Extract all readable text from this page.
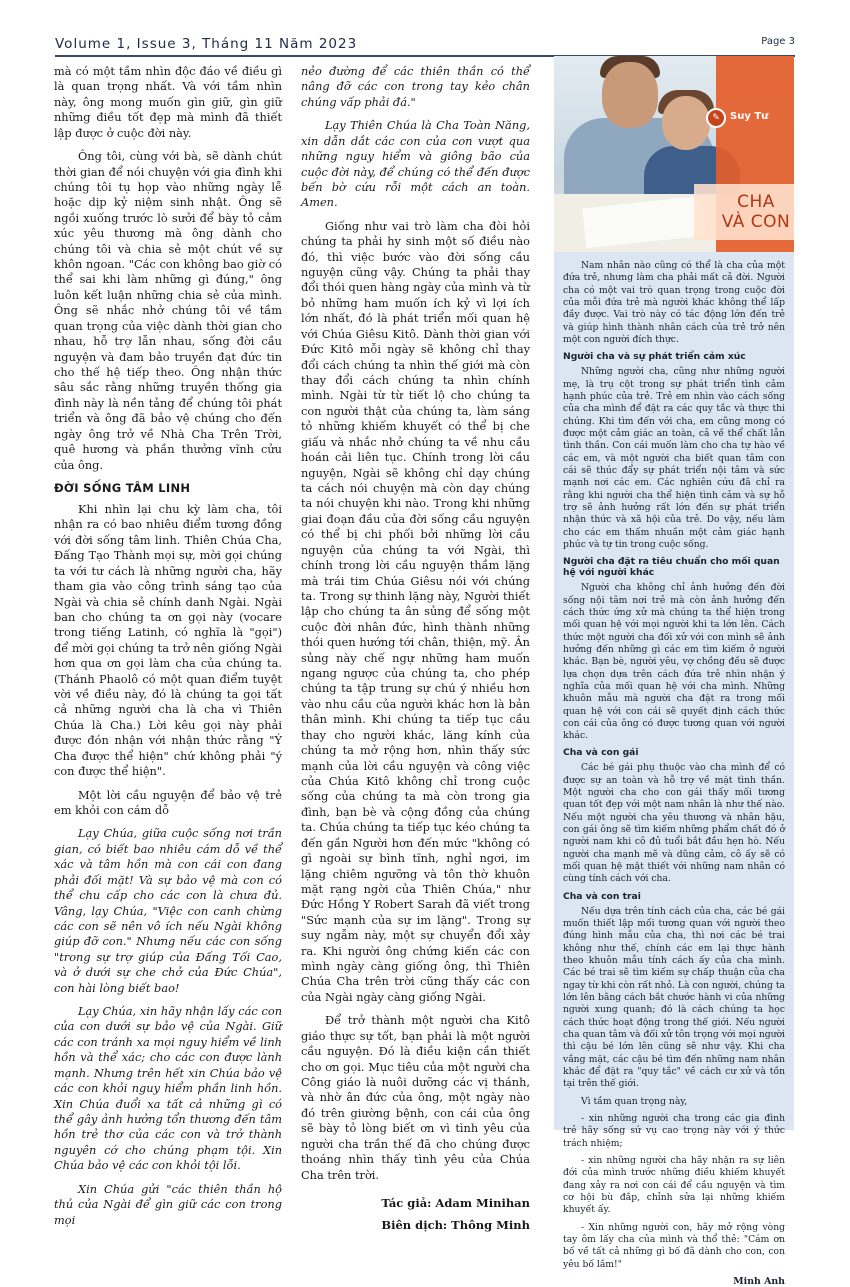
Volume 1, Issue 3, Tháng 11 Năm 2023	Page 3

mà có một tầm nhìn độc đáo về điều gì là quan trọng nhất. Và với tầm nhìn này, ông mong muốn gìn giữ, gìn giữ những điều tốt đẹp mà mình đã thiết lập được ở cuộc đời này.

Ông tôi, cùng với bà, sẽ dành chút thời gian để nói chuyện với gia đình khi chúng tôi tụ họp vào những ngày lễ hoặc dịp kỷ niệm sinh nhật. Ông sẽ ngồi xuống trước lò sưởi để bày tỏ cảm xúc yêu thương mà ông dành cho chúng tôi và chia sẻ một chút về sự khôn ngoan. "Các con không bao giờ có thể sai khi làm những gì đúng," ông luôn kết luận những chia sẻ của mình. Ông sẽ nhắc nhở chúng tôi về tầm quan trọng của việc dành thời gian cho nhau, hỗ trợ lẫn nhau, sống đời cầu nguyện và đam bảo truyền đạt đức tin cho thế hệ tiếp theo. Ông nhận thức sâu sắc rằng những truyền thống gia đình này là nền tảng để chúng tôi phát triển và ông đã bảo vệ chúng cho đến ngày ông trở về Nhà Cha Trên Trời, quê hương và phần thưởng vĩnh cửu của ông.

ĐỜI SỐNG TÂM LINH

Khi nhìn lại chu kỳ làm cha, tôi nhận ra có bao nhiêu điểm tương đồng với đời sống tâm linh. Thiên Chúa Cha, Đấng Tạo Thành mọi sự, mời gọi chúng ta với tư cách là những người cha, hãy tham gia vào công trình sáng tạo của Ngài và chia sẻ chính danh Ngài. Ngài ban cho chúng ta ơn gọi này (vocare trong tiếng Latinh, có nghĩa là "gọi") để mời gọi chúng ta trở nên giống Ngài hơn qua ơn gọi làm cha của chúng ta. (Thánh Phaolô có một quan điểm tuyệt vời về điều này, đó là chúng ta gọi tất cả những người cha là cha vì Thiên Chúa là Cha.) Lời kêu gọi này phải được đón nhận với nhận thức rằng "Ý Cha được thể hiện" chứ không phải "ý con được thể hiện".

Một lời cầu nguyện để bảo vệ trẻ em khỏi con cám dỗ

Lạy Chúa, giữa cuộc sống nơi trần gian, có biết bao nhiêu cám dỗ về thể xác và tâm hồn mà con cái con đang phải đối mặt! Và sự bảo vệ mà con có thể chu cấp cho các con là chưa đủ. Vâng, lạy Chúa, "Việc con canh chừng các con sẽ nên vô ích nếu Ngài không giúp đỡ con." Nhưng nếu các con sống "trong sự trợ giúp của Đấng Tối Cao, và ở dưới sự che chở của Đức Chúa", con hài lòng biết bao!

Lạy Chúa, xin hãy nhận lấy các con của con dưới sự bảo vệ của Ngài. Giữ các con tránh xa mọi nguy hiểm về linh hồn và thể xác; cho các con được lành mạnh. Nhưng trên hết xin Chúa bảo vệ các con khỏi nguy hiểm phần linh hồn. Xin Chúa đuổi xa tất cả những gì có thể gây ảnh hưởng tổn thương đến tâm hồn trẻ thơ của các con và trở thành nguyên cớ cho chúng phạm tội. Xin Chúa bảo vệ các con khỏi tội lỗi.

Xin Chúa gửi "các thiên thần hộ thủ của Ngài để gìn giữ các con trong mọi

nẻo đường để các thiên thần có thể nâng đỡ các con trong tay kẻo chân chúng vấp phải đá."

Lạy Thiên Chúa là Cha Toàn Năng, xin dẫn dắt các con của con vượt qua những nguy hiểm và giông bão của cuộc đời này, để chúng có thể đến được bến bờ cứu rỗi một cách an toàn. Amen.

Giống như vai trò làm cha đòi hỏi chúng ta phải hy sinh một số điều nào đó, thì việc bước vào đời sống cầu nguyện cũng vậy. Chúng ta phải thay đổi thói quen hàng ngày của mình và từ bỏ những ham muốn ích kỷ vì lợi ích lớn nhất, đó là phát triển mối quan hệ với Chúa Giêsu Kitô. Dành thời gian với Đức Kitô mỗi ngày sẽ không chỉ thay đổi cách chúng ta nhìn thế giới mà còn thay đổi cách chúng ta nhìn chính mình. Ngài từ từ tiết lộ cho chúng ta con người thật của chúng ta, làm sáng tỏ những khiếm khuyết có thể bị che giấu và nhắc nhở chúng ta về nhu cầu hoán cải liên tục. Chính trong lời cầu nguyện, Ngài sẽ không chỉ dạy chúng ta cách nói chuyện mà còn dạy chúng ta nói chuyện khi nào. Trong khi những giai đoạn đầu của đời sống cầu nguyện có thể bị chi phối bởi những lời cầu nguyện của chúng ta với Ngài, thì chính trong lời cầu nguyện thầm lặng mà trái tim Chúa Giêsu nói với chúng ta. Trong sự thinh lặng này, Người thiết lập cho chúng ta ân sủng để sống một cuộc đời nhân đức, hình thành những thói quen hướng tới chân, thiện, mỹ. Ân sủng này chế ngự những ham muốn ngang ngược của chúng ta, cho phép chúng ta tập trung sự chú ý nhiều hơn vào nhu cầu của người khác hơn là bản thân mình. Khi chúng ta tiếp tục cầu thay cho người khác, lăng kính của chúng ta mở rộng hơn, nhìn thấy sức mạnh của lời cầu nguyện và công việc của Chúa Kitô không chỉ trong cuộc sống của chúng ta mà còn trong gia đình, bạn bè và cộng đồng của chúng ta. Chúa chúng ta tiếp tục kéo chúng ta đến gần Người hơn đến mức "không có gì ngoài sự bình tĩnh, nghỉ ngơi, im lặng chiêm ngưỡng và tôn thờ khuôn mặt rạng ngời của Thiên Chúa," như Đức Hồng Y Robert Sarah đã viết trong "Sức mạnh của sự im lặng". Trong sự suy ngẫm này, một sự chuyển đổi xảy ra. Khi người ông chứng kiến các con mình ngày càng giống ông, thì Thiên Chúa Cha trên trời cũng thấy các con của Ngài ngày càng giống Ngài.

Để trở thành một người cha Kitô giáo thực sự tốt, bạn phải là một người cầu nguyện. Đó là điều kiện cần thiết cho ơn gọi. Mục tiêu của một người cha Công giáo là nuôi dưỡng các vị thánh, và nhờ ân đức của ông, một ngày nào đó trên giường bệnh, con cái của ông sẽ bày tỏ lòng biết ơn vì tình yêu của người cha trần thế đã cho chúng được thoáng nhìn thấy tình yêu của Chúa Cha trên trời.

Tác giả: Adam Minihan
Biên dịch: Thông Minh
✎	Suy Tư
CHA
VÀ CON

Nam nhân nào cũng có thể là cha của một đứa trẻ, nhưng làm cha phải mất cả đời. Người cha có một vai trò quan trọng trong cuộc đời của mỗi đứa trẻ mà người khác không thể lấp đầy được. Vai trò này có tác động lớn đến trẻ và giúp hình thành nhân cách của trẻ trở nên một con người đích thực.

Người cha và sự phát triển cảm xúc

Những người cha, cũng như những người mẹ, là trụ cột trong sự phát triển tình cảm hạnh phúc của trẻ. Trẻ em nhìn vào cách sống của cha mình để đặt ra các quy tắc và thực thi chúng. Khi tìm đến với cha, em cũng mong có được một cảm giác an toàn, cả về thể chất lẫn tình thần. Con cái muốn làm cho cha tự hào về các em, và một người cha biết quan tâm con cái sẽ thúc đẩy sự phát triển nội tâm và sức mạnh nơi các em. Các nghiên cứu đã chỉ ra rằng khi người cha thể hiện tình cảm và sự hỗ trợ sẽ ảnh hưởng rất lớn đến sự phát triển nhận thức và xã hội của trẻ. Do vậy, nếu làm cho các em thấm nhuần một cảm giác hạnh phúc và tự tin trong cuộc sống.

Người cha đặt ra tiêu chuẩn cho mối quan hệ với người khác

Người cha không chỉ ảnh hưởng đến đời sống nội tâm nơi trẻ mà còn ảnh hưởng đến cách thức ứng xử mà chúng ta thể hiện trong mối quan hệ với mọi người khi ta lớn lên. Cách thức một người cha đối xử với con mình sẽ ảnh hưởng đến những gì các em tìm kiếm ở người khác. Bạn bè, người yêu, vợ chồng đều sẽ được lựa chọn dựa trên cách đứa trẻ nhìn nhận ý nghĩa của mối quan hệ với cha mình. Những khuôn mẫu mà người cha đặt ra trong mối quan hệ với con cái sẽ quyết định cách thức con cái của ông có được tương quan với người khác.

Cha và con gái

Các bé gái phụ thuộc vào cha mình để có được sự an toàn và hỗ trợ về mặt tình thần. Một người cha cho con gái thấy mối tương quan tốt đẹp với một nam nhân là như thế nào. Nếu một người cha yêu thương và nhân hậu, con gái ông sẽ tìm kiếm những phẩm chất đó ở người nam khi cô đủ tuổi bắt đầu hẹn hò. Nếu người cha mạnh mẽ và dũng cảm, cô ấy sẽ có mối quan hệ mật thiết với những nam nhân có cùng tính cách với cha.

Cha và con trai

Nếu dựa trên tính cách của cha, các bé gái muốn thiết lập mối tương quan với người theo đúng hình mẫu của cha, thì nơi các bé trai không như thế, chính các em lại thực hành theo khuôn mẫu tính cách ấy của cha mình. Các bé trai sẽ tìm kiếm sự chấp thuận của cha ngay từ khi còn rất nhỏ. Là con người, chúng ta lớn lên bằng cách bắt chước hành vi của những người xung quanh; đó là cách chúng ta học cách thức hoạt động trong thế giới. Nếu người cha quan tâm và đối xử tôn trọng với mọi người thì cậu bé lớn lên cũng sẽ như vậy. Khi cha vắng mặt, các cậu bé tìm đến những nam nhân khác để đặt ra "quy tắc" về cách cư xử và tồn tại trên thế giới.

Vì tầm quan trọng này,

- xin những người cha trong các gia đình trẻ hãy sống sứ vụ cao trọng này với ý thức trách nhiệm;

- xin những người cha hãy nhận ra sự liên đới của mình trước những điều khiếm khuyết đang xảy ra nơi con cái để cầu nguyện và tìm cơ hội bù đắp, chỉnh sửa lại những khiếm khuyết ấy.

- Xin những người con, hãy mở rộng vòng tay ôm lấy cha của mình và thổ thẻ: "Cám ơn bố về tất cả những gì bố đã dành cho con, con yêu bố lắm!"

Minh Anh
